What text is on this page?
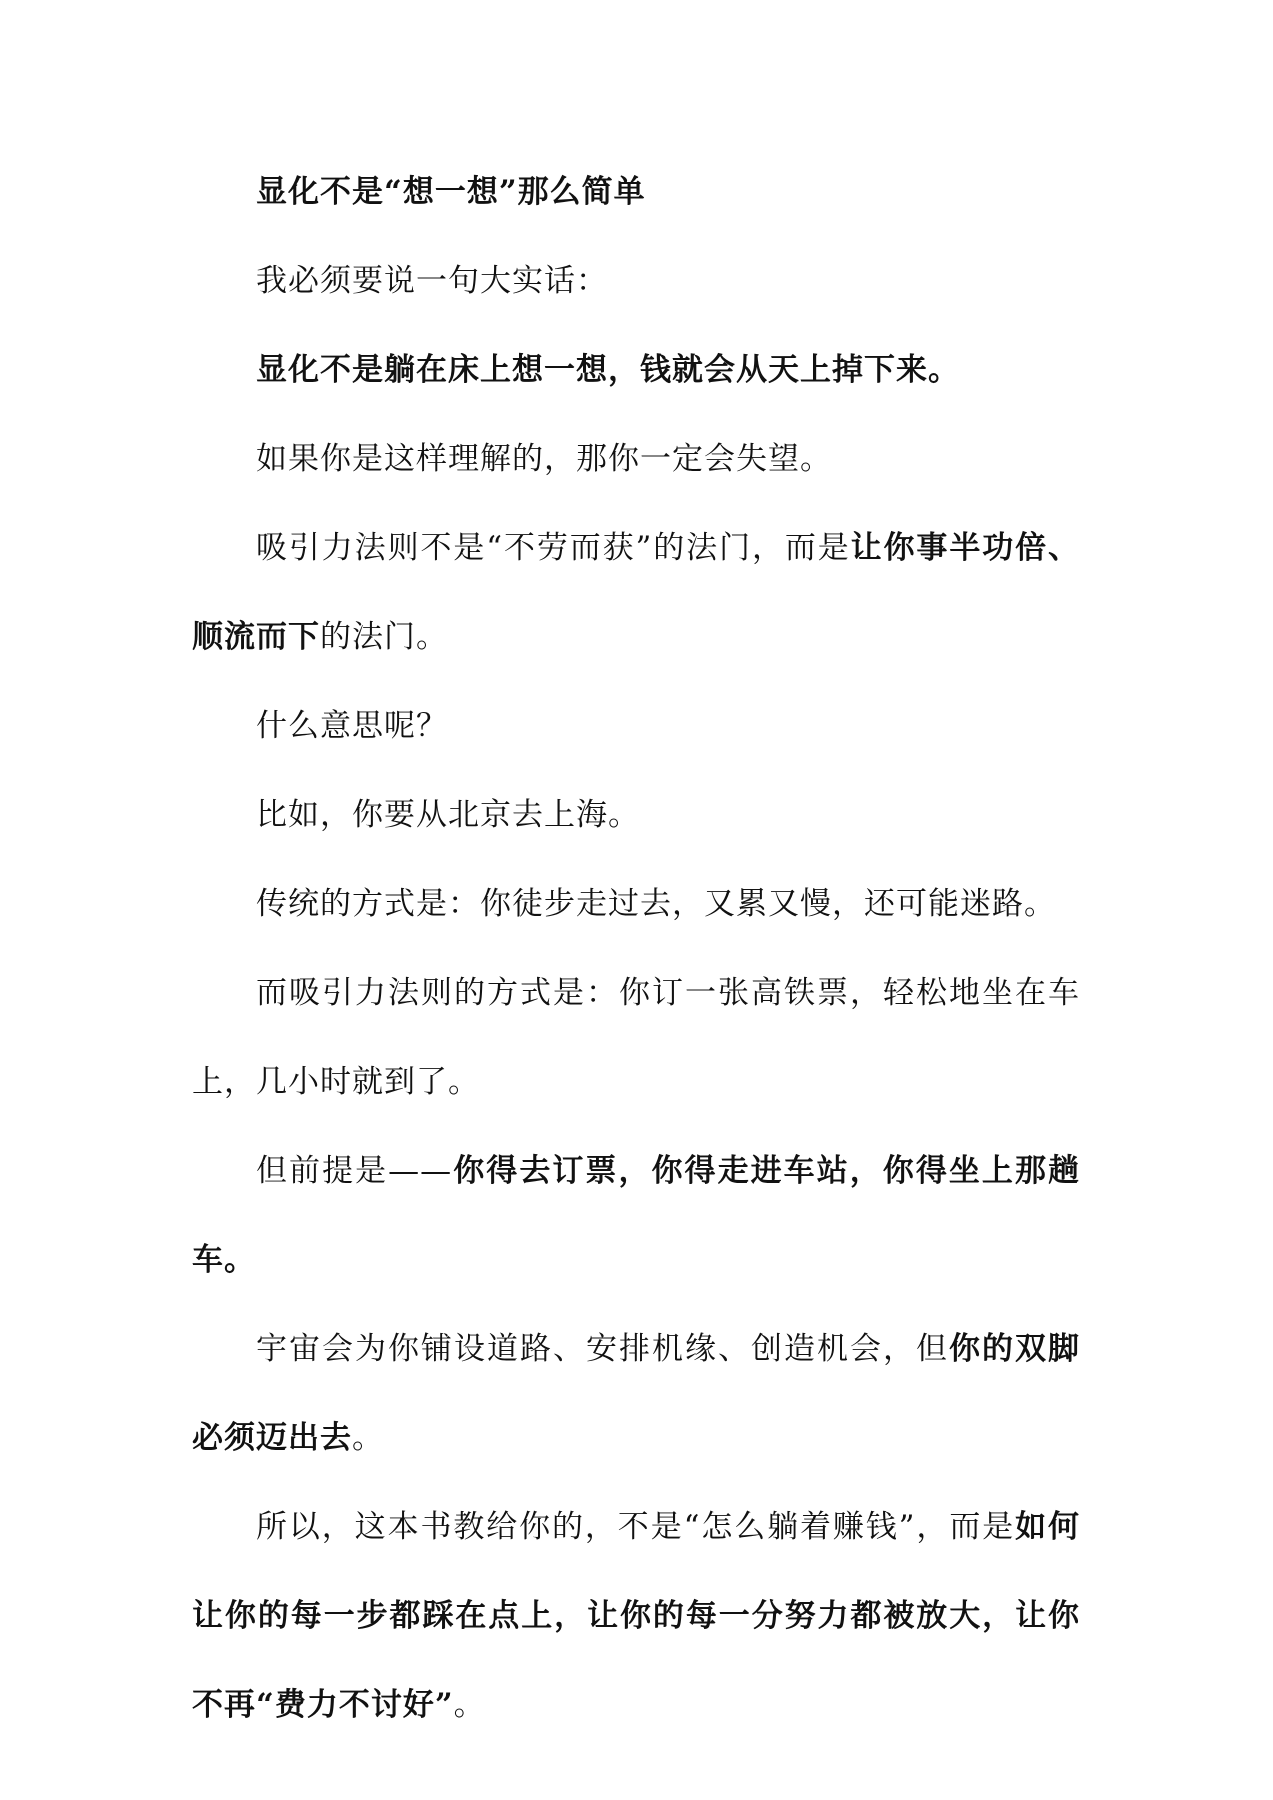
显化不是“想一想”那么简单

我必须要说一句大实话：

显化不是躺在床上想一想，钱就会从天上掉下来。

如果你是这样理解的，那你一定会失望。

吸引力法则不是“不劳而获”的法门，而是让你事半功倍、顺流而下的法门。

什么意思呢？

比如，你要从北京去上海。

传统的方式是：你徒步走过去，又累又慢，还可能迷路。

而吸引力法则的方式是：你订一张高铁票，轻松地坐在车上，几小时就到了。

但前提是——你得去订票，你得走进车站，你得坐上那趟车。

宇宙会为你铺设道路、安排机缘、创造机会，但你的双脚必须迈出去。

所以，这本书教给你的，不是“怎么躺着赚钱”，而是如何让你的每一步都踩在点上，让你的每一分努力都被放大，让你不再“费力不讨好”。
